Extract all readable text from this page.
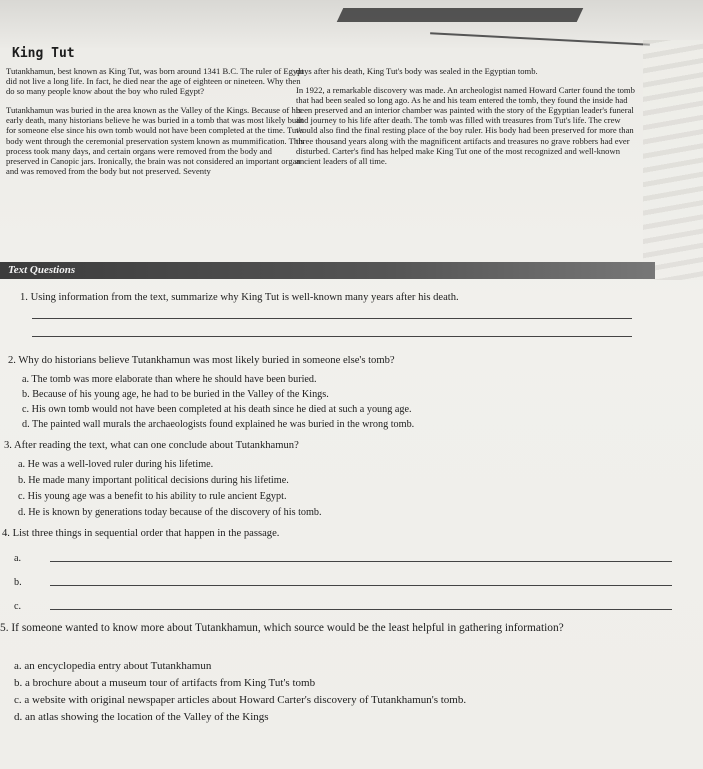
King Tut

Tutankhamun, best known as King Tut, was born around 1341 B.C. The ruler of Egypt did not live a long life. In fact, he died near the age of eighteen or nineteen. Why then do so many people know about the boy who ruled Egypt?

Tutankhamun was buried in the area known as the Valley of the Kings. Because of his early death, many historians believe he was buried in a tomb that was most likely built for someone else since his own tomb would not have been completed at the time. Tut's body went through the ceremonial preservation system known as mummification. This process took many days, and certain organs were removed from the body and preserved in Canopic jars. Ironically, the brain was not considered an important organ and was removed from the body but not preserved. Seventy

days after his death, King Tut's body was sealed in the Egyptian tomb.

In 1922, a remarkable discovery was made. An archeologist named Howard Carter found the tomb that had been sealed so long ago. As he and his team entered the tomb, they found the inside had been preserved and an interior chamber was painted with the story of the Egyptian leader's funeral and journey to his life after death. The tomb was filled with treasures from Tut's life. The crew would also find the final resting place of the boy ruler. His body had been preserved for more than three thousand years along with the magnificent artifacts and treasures no grave robbers had ever disturbed. Carter's find has helped make King Tut one of the most recognized and well-known ancient leaders of all time.

Text Questions
1. Using information from the text, summarize why King Tut is well-known many years after his death.
2. Why do historians believe Tutankhamun was most likely buried in someone else's tomb?
a. The tomb was more elaborate than where he should have been buried.
b. Because of his young age, he had to be buried in the Valley of the Kings.
c. His own tomb would not have been completed at his death since he died at such a young age.
d. The painted wall murals the archaeologists found explained he was buried in the wrong tomb.
3. After reading the text, what can one conclude about Tutankhamun?
a. He was a well-loved ruler during his lifetime.
b. He made many important political decisions during his lifetime.
c. His young age was a benefit to his ability to rule ancient Egypt.
d. He is known by generations today because of the discovery of his tomb.
4. List three things in sequential order that happen in the passage.
a.
b.
c.
5. If someone wanted to know more about Tutankhamun, which source would be the least helpful in gathering information?
a. an encyclopedia entry about Tutankhamun
b. a brochure about a museum tour of artifacts from King Tut's tomb
c. a website with original newspaper articles about Howard Carter's discovery of Tutankhamun's tomb.
d. an atlas showing the location of the Valley of the Kings
